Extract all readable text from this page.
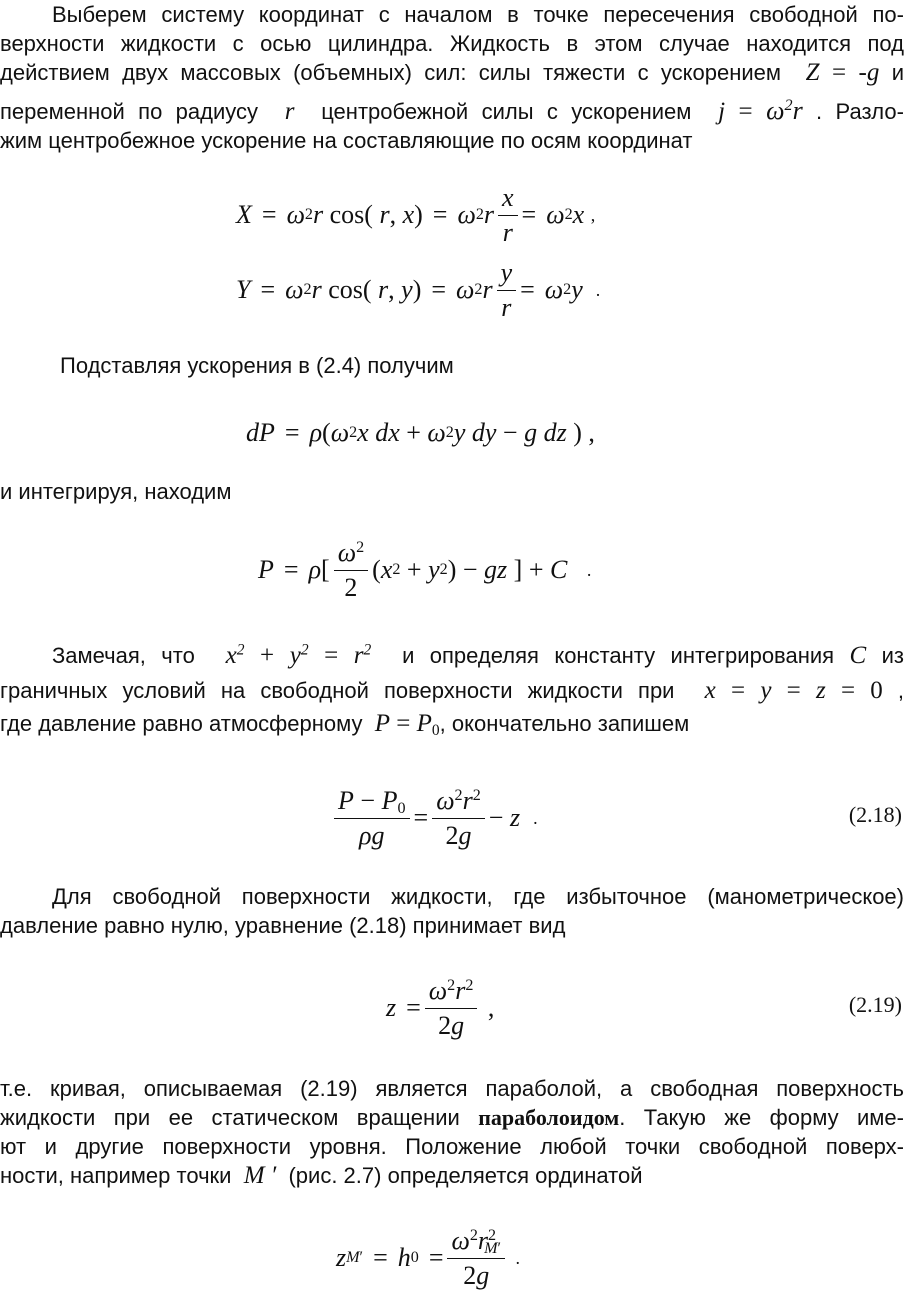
Выберем систему координат с началом в точке пересечения свободной по-
верхности жидкости с осью цилиндра. Жидкость в этом случае находится под
действием двух массовых (объемных) сил: силы тяжести с ускорением Z = -g и
переменной по радиусу r центробежной силы с ускорением $j = \omega^2r$ . Разло-
жим центробежное ускорение на составляющие по осям координат
X = ω 2 r cos( r , x ) = ω 2 r $\frac{x}{r} = \omega$ 2 x
,
Y = ω 2 r cos( r , y ) = ω 2 r $\frac{y}{r} = \omega$ 2 y
.
Подставляя ускорения в (2.4) получим
dP = ρ ( ω 2 x
dx + ω 2 y
dy − g
dz ) ,
и интегрируя, находим
P = ρ [ $\frac{\omega^2}{2}$ ( x 2 + y 2 ) − gz ] + C
.
Замечая, что $x^2 + y^2 = r^2$ и определяя константу интегрирования C из
граничных условий на свободной поверхности жидкости при x = y = z = 0 ,
где давление равно атмосферному $P = P_0$, окончательно запишем
$\frac{P - P_0}{\rho g} = \frac{\omega^2r^2}{2g} - z$
.	(2.18)
Для свободной поверхности жидкости, где избыточное (манометрическое)
давление равно нулю, уравнение (2.18) принимает вид
$z = \frac{\omega^2r^2}{2g}$ ,	(2.19)
т.е. кривая, описываемая (2.19) является параболой, а свободная поверхность
жидкости при ее статическом вращении параболоидом. Такую же форму име-
ют и другие поверхности уровня. Положение любой точки свободной поверх-
ности, например точки M ′ (рис. 2.7) определяется ординатой
z M′ = h $0 = \frac{\omega^2r^2_{M'}}{2g}$
.
